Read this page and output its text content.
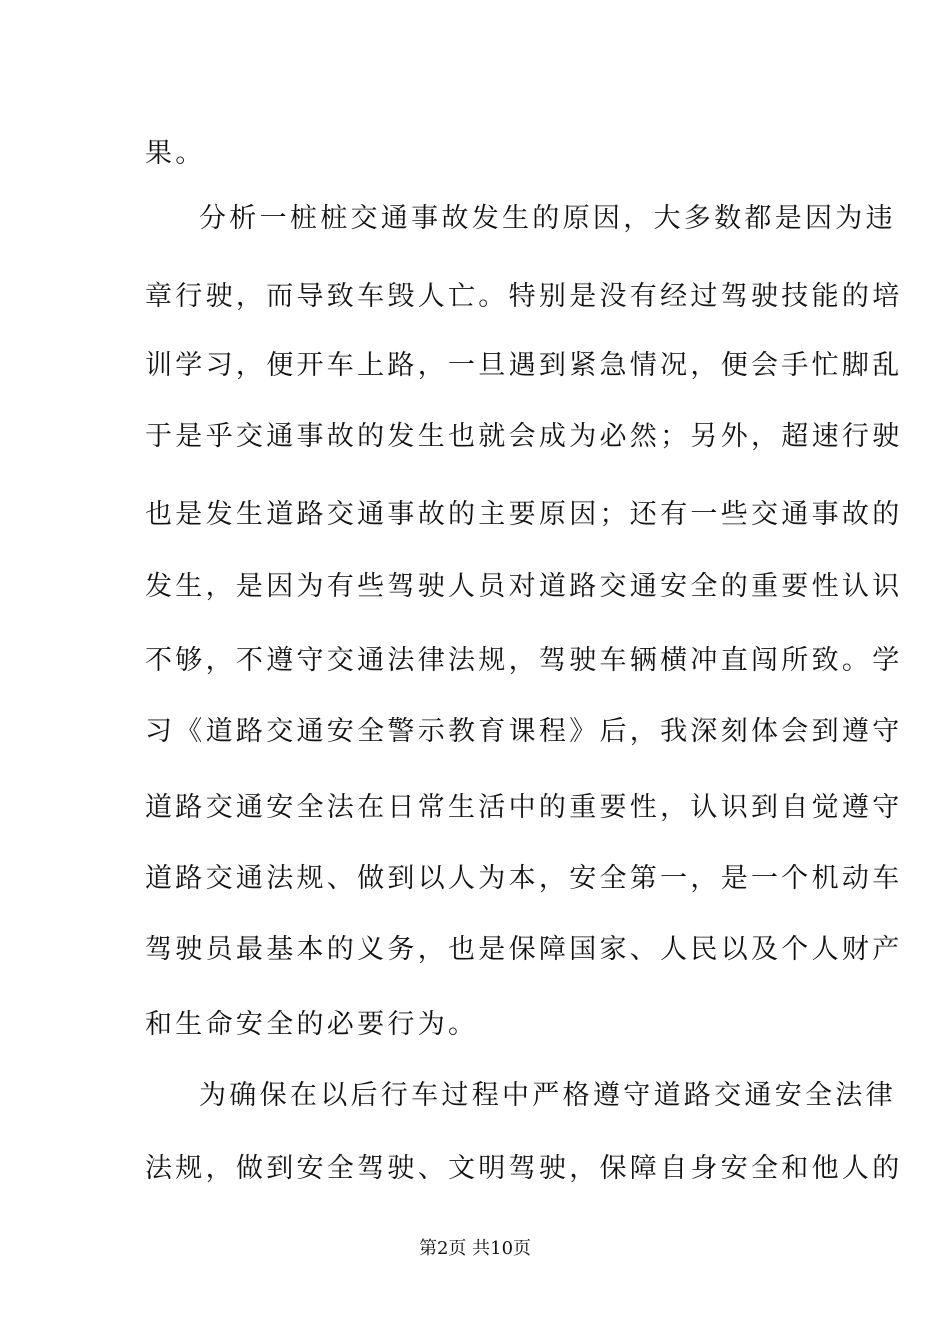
果。
分析一桩桩交通事故发生的原因，大多数都是因为违
章行驶，而导致车毁人亡。特别是没有经过驾驶技能的培
训学习，便开车上路，一旦遇到紧急情况，便会手忙脚乱
于是乎交通事故的发生也就会成为必然；另外，超速行驶
也是发生道路交通事故的主要原因；还有一些交通事故的
发生，是因为有些驾驶人员对道路交通安全的重要性认识
不够，不遵守交通法律法规，驾驶车辆横冲直闯所致。学
习《道路交通安全警示教育课程》后，我深刻体会到遵守
道路交通安全法在日常生活中的重要性，认识到自觉遵守
道路交通法规、做到以人为本，安全第一，是一个机动车
驾驶员最基本的义务，也是保障国家、人民以及个人财产
和生命安全的必要行为。
为确保在以后行车过程中严格遵守道路交通安全法律
法规，做到安全驾驶、文明驾驶，保障自身安全和他人的
第2页 共10页
